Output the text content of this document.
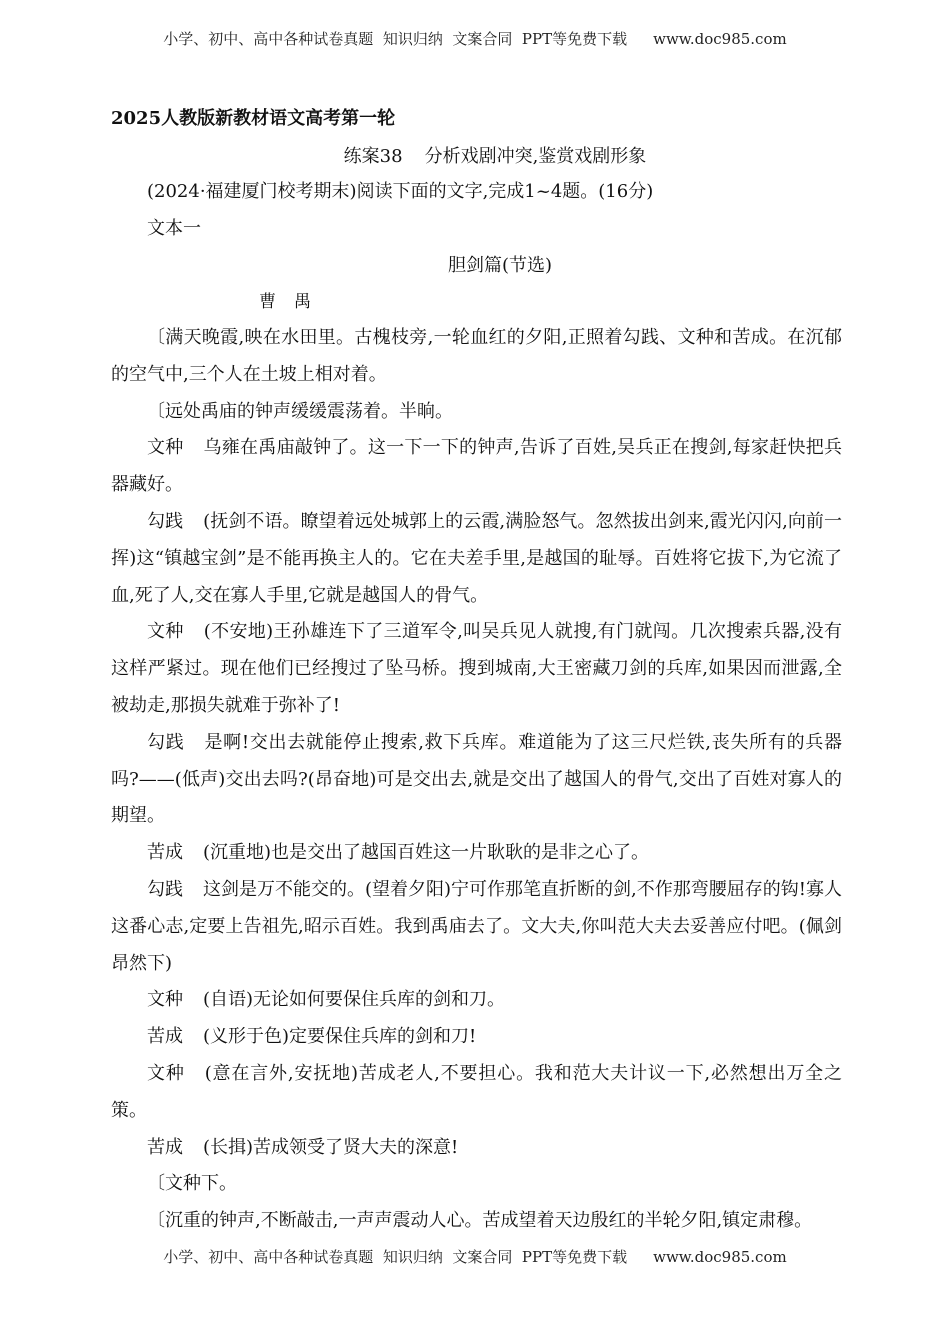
小学、初中、高中各种试卷真题  知识归纳  文案合同  PPT等免费下载 www.doc985.com
2025人教版新教材语文高考第一轮
练案38 分析戏剧冲突,鉴赏戏剧形象
(2024·福建厦门校考期末)阅读下面的文字,完成1~4题。(16分)
文本一
胆剑篇(节选)
曹禺

〔满天晚霞,映在水田里。古槐枝旁,一轮血红的夕阳,正照着勾践、文种和苦成。在沉郁的空气中,三个人在土坡上相对着。

〔远处禹庙的钟声缓缓震荡着。半晌。

文种 乌雍在禹庙敲钟了。这一下一下的钟声,告诉了百姓,吴兵正在搜剑,每家赶快把兵器藏好。

勾践 (抚剑不语。瞭望着远处城郭上的云霞,满脸怒气。忽然拔出剑来,霞光闪闪,向前一挥)这“镇越宝剑”是不能再换主人的。它在夫差手里,是越国的耻辱。百姓将它拔下,为它流了血,死了人,交在寡人手里,它就是越国人的骨气。

文种 (不安地)王孙雄连下了三道军令,叫吴兵见人就搜,有门就闯。几次搜索兵器,没有这样严紧过。现在他们已经搜过了坠马桥。搜到城南,大王密藏刀剑的兵库,如果因而泄露,全被劫走,那损失就难于弥补了!

勾践 是啊!交出去就能停止搜索,救下兵库。难道能为了这三尺烂铁,丧失所有的兵器吗?——(低声)交出去吗?(昂奋地)可是交出去,就是交出了越国人的骨气,交出了百姓对寡人的期望。

苦成 (沉重地)也是交出了越国百姓这一片耿耿的是非之心了。

勾践 这剑是万不能交的。(望着夕阳)宁可作那笔直折断的剑,不作那弯腰屈存的钩!寡人这番心志,定要上告祖先,昭示百姓。我到禹庙去了。文大夫,你叫范大夫去妥善应付吧。(佩剑昂然下)

文种 (自语)无论如何要保住兵库的剑和刀。

苦成 (义形于色)定要保住兵库的剑和刀!

文种 (意在言外,安抚地)苦成老人,不要担心。我和范大夫计议一下,必然想出万全之策。

苦成 (长揖)苦成领受了贤大夫的深意!

〔文种下。

〔沉重的钟声,不断敲击,一声声震动人心。苦成望着天边殷红的半轮夕阳,镇定肃穆。

小学、初中、高中各种试卷真题  知识归纳  文案合同  PPT等免费下载 www.doc985.com
